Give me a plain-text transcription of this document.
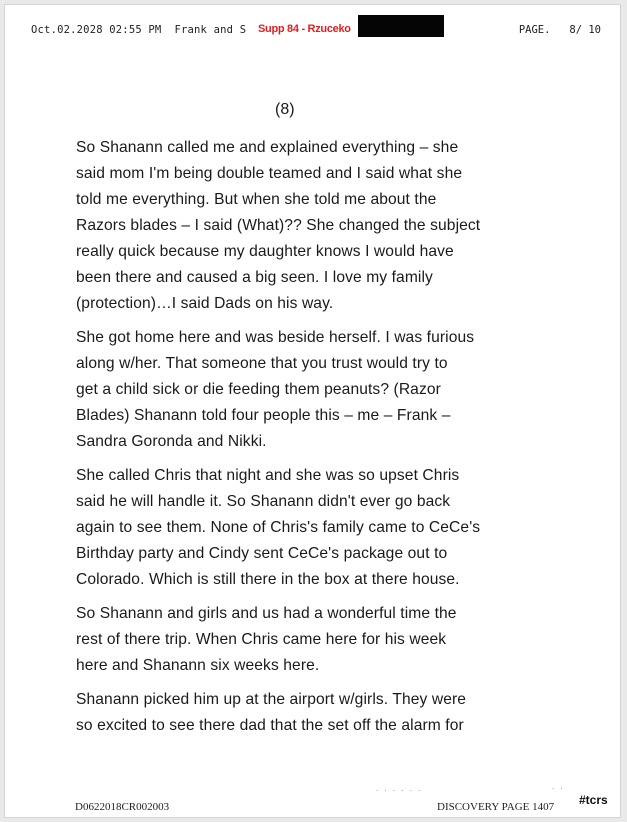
Oct.02.2028 02:55 PM  Frank and S Supp 84 - Rzuceko	PAGE.   8/ 10
(8)

So Shanann called me and explained everything – she
said mom I'm being double teamed and I said what she
told me everything. But when she told me about the
Razors blades – I said (What)?? She changed the subject
really quick because my daughter knows I would have
been there and caused a big seen. I love my family
(protection)…I said Dads on his way.

She got home here and was beside herself. I was furious
along w/her. That someone that you trust would try to
get a child sick or die feeding them peanuts? (Razor
Blades) Shanann told four people this – me – Frank –
Sandra Goronda and Nikki.

She called Chris that night and she was so upset Chris
said he will handle it. So Shanann didn't ever go back
again to see them. None of Chris's family came to CeCe's
Birthday party and Cindy sent CeCe's package out to
Colorado. Which is still there in the box at there house.

So Shanann and girls and us had a wonderful time the
rest of there trip. When Chris came here for his week
here and Shanann six weeks here.

Shanann picked him up at the airport w/girls. They were
so excited to see there dad that the set off the alarm for

· · · · · ·	· ·
D0622018CR002003	DISCOVERY PAGE 1407 #tcrs
